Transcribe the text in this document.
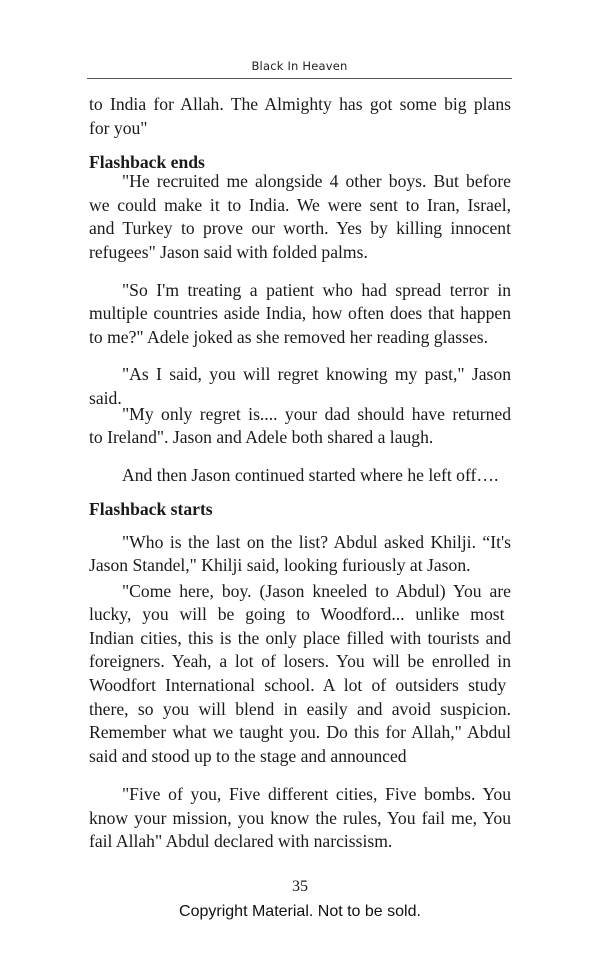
Black In Heaven
to India for Allah. The Almighty has got some big plans
for you"
Flashback ends
"He recruited me alongside 4 other boys. But before
we could make it to India. We were sent to Iran, Israel,
and Turkey to prove our worth. Yes by killing innocent
refugees" Jason said with folded palms.
"So I'm treating a patient who had spread terror in
multiple countries aside India, how often does that happen
to me?" Adele joked as she removed her reading glasses.
"As I said, you will regret knowing my past," Jason
said.
"My only regret is.... your dad should have returned
to Ireland". Jason and Adele both shared a laugh.
And then Jason continued started where he left off….
Flashback starts
"Who is the last on the list? Abdul asked Khilji. “It's
Jason Standel," Khilji said, looking furiously at Jason.
"Come here, boy. (Jason kneeled to Abdul) You are
lucky, you will be going to Woodford... unlike most
Indian cities, this is the only place filled with tourists and
foreigners. Yeah, a lot of losers. You will be enrolled in
Woodfort International school. A lot of outsiders study
there, so you will blend in easily and avoid suspicion.
Remember what we taught you. Do this for Allah," Abdul
said and stood up to the stage and announced
"Five of you, Five different cities, Five bombs. You
know your mission, you know the rules, You fail me, You
fail Allah" Abdul declared with narcissism.
35
Copyright Material. Not to be sold.
